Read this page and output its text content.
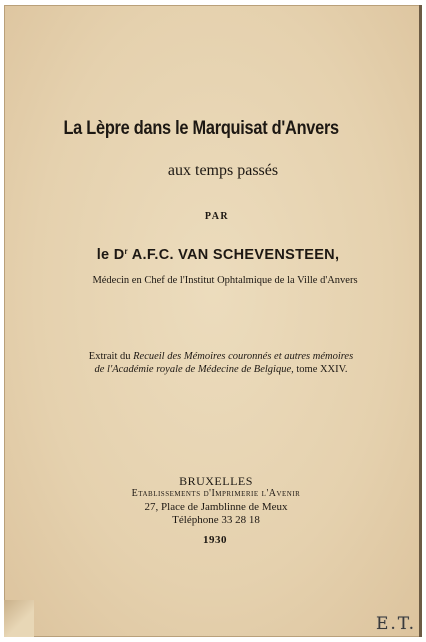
La Lèpre dans le Marquisat d'Anvers
aux temps passés
PAR
le $D^r$ A.F.C. VAN SCHEVENSTEEN,
Médecin en Chef de l'Institut Ophtalmique de la Ville d'Anvers
Extrait du Recueil des Mémoires couronnés et autres mémoires
de l'Académie royale de Médecine de Belgique, tome XXIV.
BRUXELLES
Etablissements d'Imprimerie l'Avenir
27, Place de Jamblinne de Meux
Téléphone 33 28 18
1930
E.T.
